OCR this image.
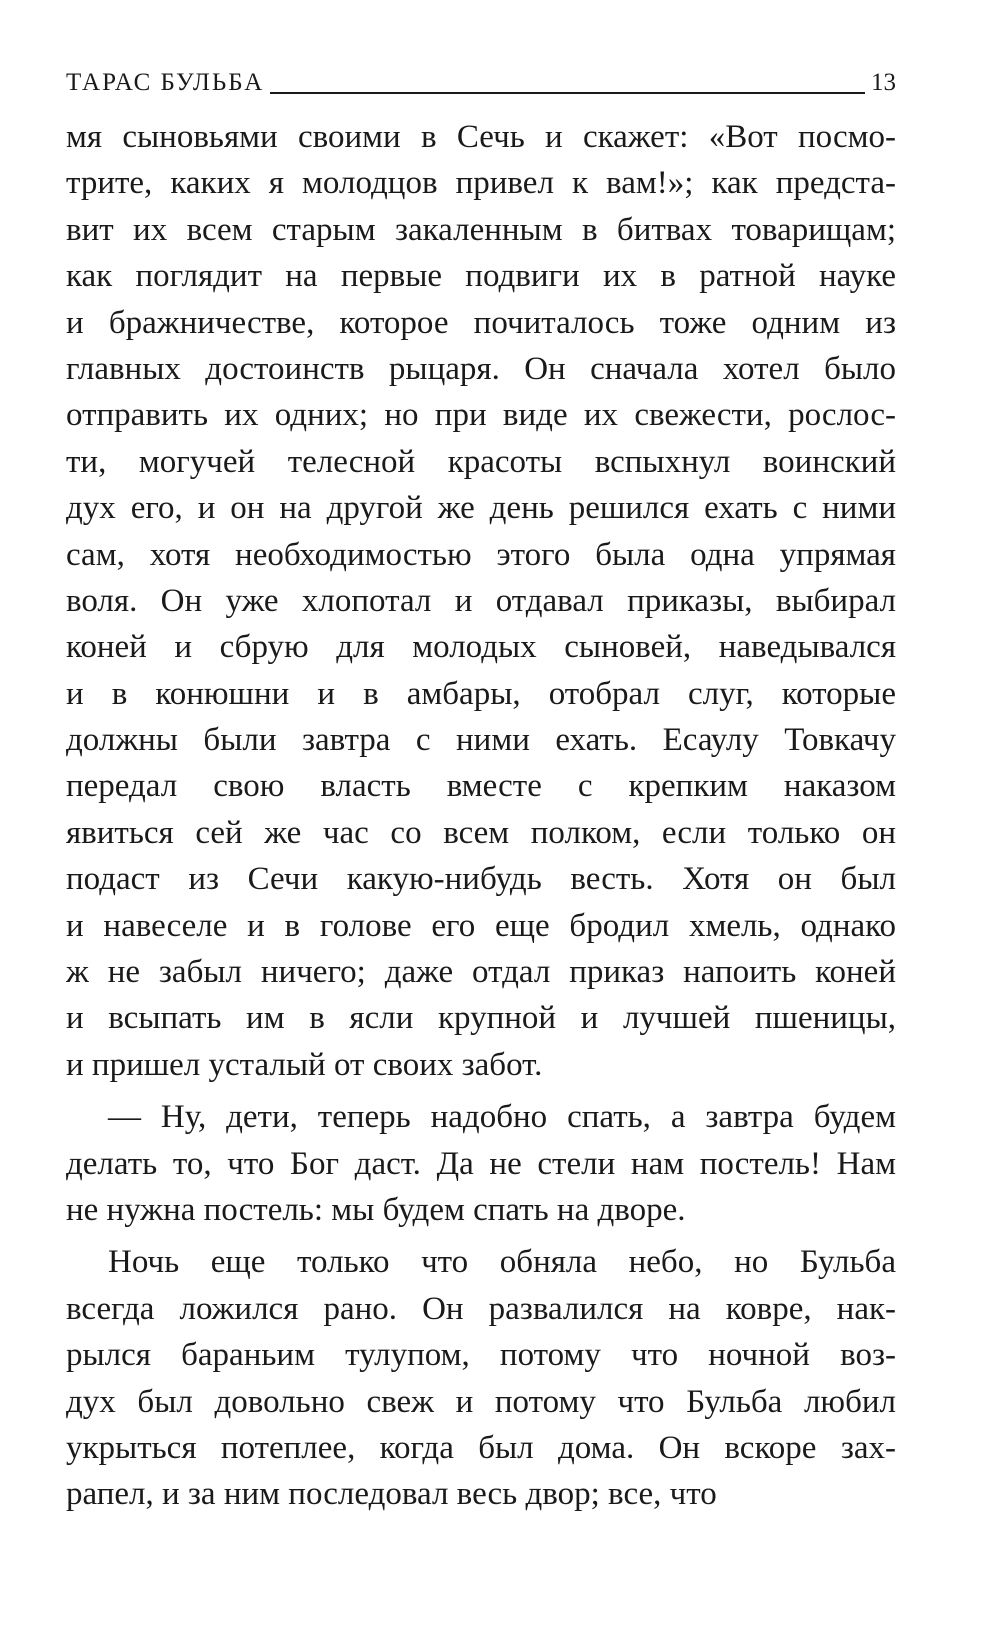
ТАРАС БУЛЬБА	13
мя сыновьями своими в Сечь и скажет: «Вот посмо-
трите, каких я молодцов привел к вам!»; как предста-
вит их всем старым закаленным в битвах товарищам;
как поглядит на первые подвиги их в ратной науке
и бражничестве, которое почиталось тоже одним из
главных достоинств рыцаря. Он сначала хотел было
отправить их одних; но при виде их свежести, рослос-
ти, могучей телесной красоты вспыхнул воинский
дух его, и он на другой же день решился ехать с ними
сам, хотя необходимостью этого была одна упрямая
воля. Он уже хлопотал и отдавал приказы, выбирал
коней и сбрую для молодых сыновей, наведывался
и в конюшни и в амбары, отобрал слуг, которые
должны были завтра с ними ехать. Есаулу Товкачу
передал свою власть вместе с крепким наказом
явиться сей же час со всем полком, если только он
подаст из Сечи какую-нибудь весть. Хотя он был
и навеселе и в голове его еще бродил хмель, однако
ж не забыл ничего; даже отдал приказ напоить коней
и всыпать им в ясли крупной и лучшей пшеницы,
и пришел усталый от своих забот.
— Ну, дети, теперь надобно спать, а завтра будем
делать то, что Бог даст. Да не стели нам постель! Нам
не нужна постель: мы будем спать на дворе.
Ночь еще только что обняла небо, но Бульба
всегда ложился рано. Он развалился на ковре, нак-
рылся бараньим тулупом, потому что ночной воз-
дух был довольно свеж и потому что Бульба любил
укрыться потеплее, когда был дома. Он вскоре зах-
рапел, и за ним последовал весь двор; все, что
